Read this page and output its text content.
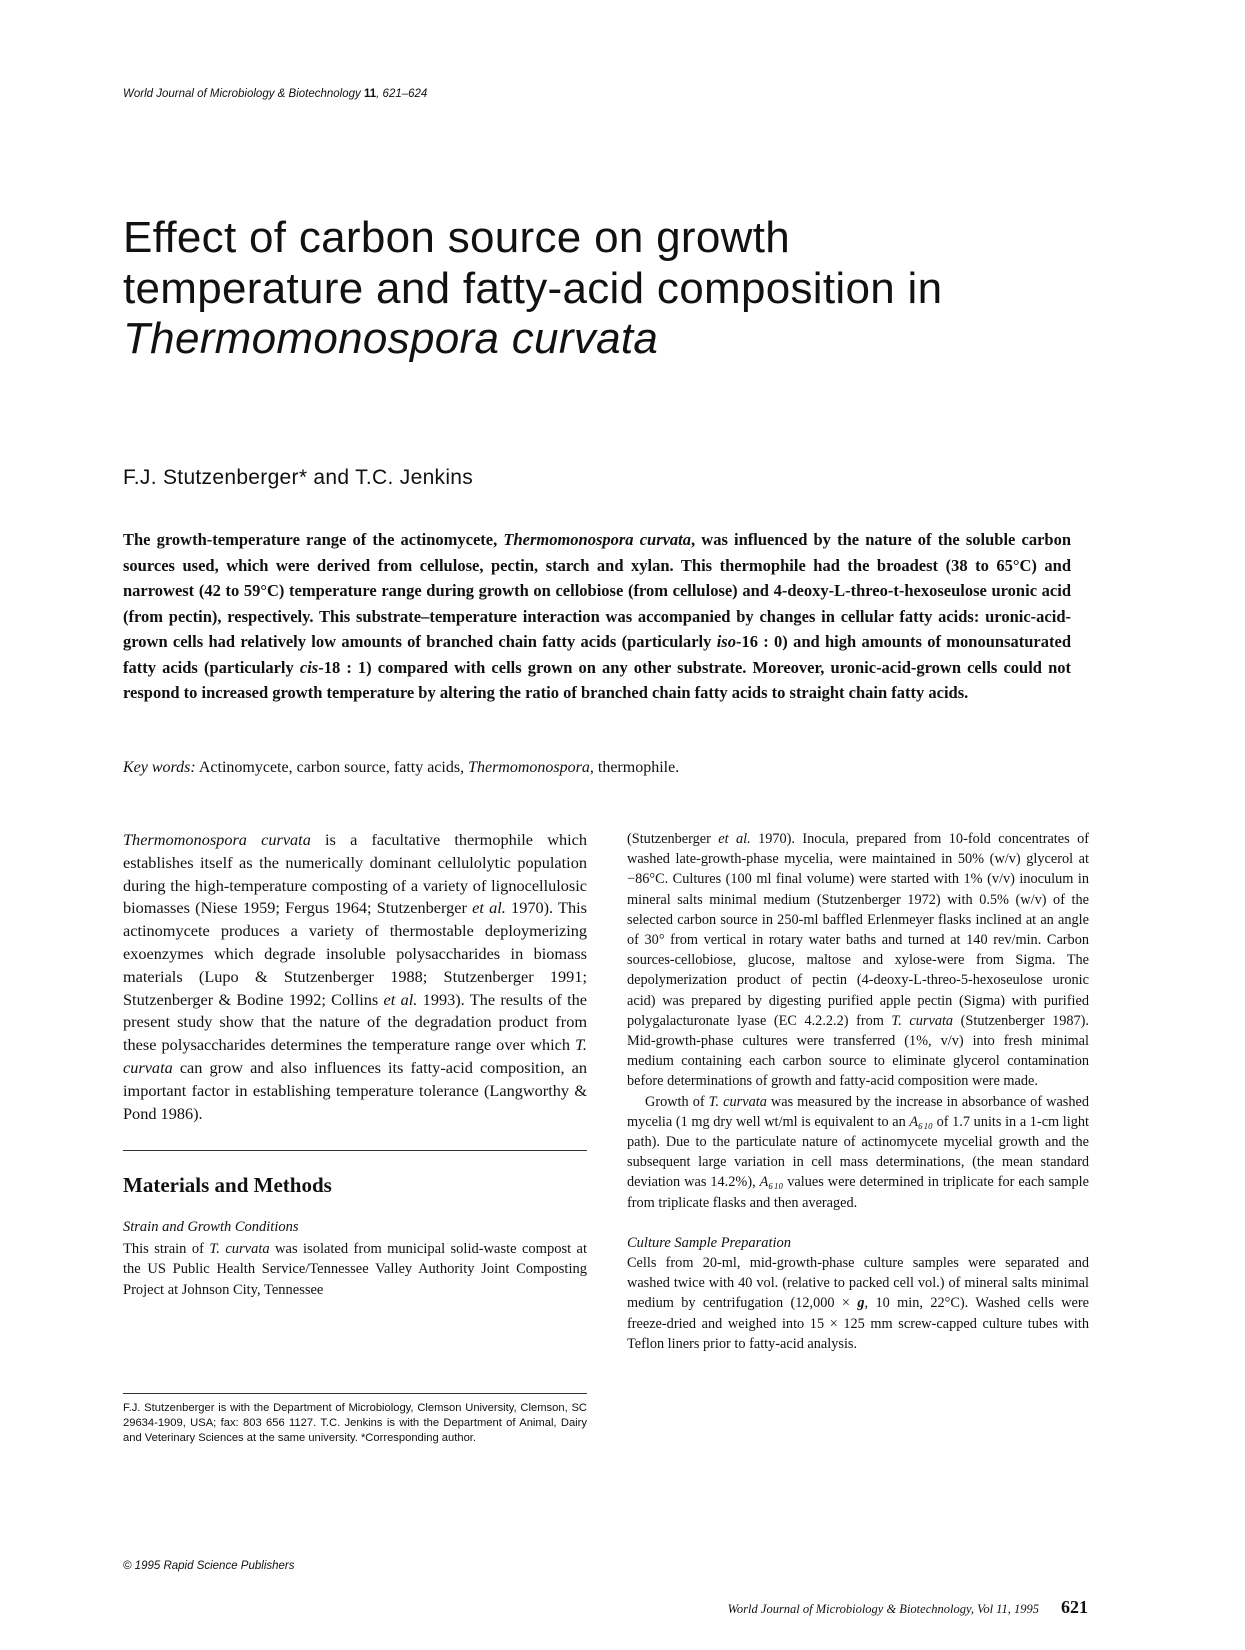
World Journal of Microbiology & Biotechnology 11, 621–624
Effect of carbon source on growth
temperature and fatty-acid composition in
Thermomonospora curvata
F.J. Stutzenberger* and T.C. Jenkins

The growth-temperature range of the actinomycete, Thermomonospora curvata, was influenced by the nature of the soluble carbon sources used, which were derived from cellulose, pectin, starch and xylan. This thermophile had the broadest (38 to 65°C) and narrowest (42 to 59°C) temperature range during growth on cellobiose (from cellulose) and 4-deoxy-L-threo-t-hexoseulose uronic acid (from pectin), respectively. This substrate–temperature interaction was accompanied by changes in cellular fatty acids: uronic-acid-grown cells had relatively low amounts of branched chain fatty acids (particularly iso-16 : 0) and high amounts of monounsaturated fatty acids (particularly cis-18 : 1) compared with cells grown on any other substrate. Moreover, uronic-acid-grown cells could not respond to increased growth temperature by altering the ratio of branched chain fatty acids to straight chain fatty acids.

Key words: Actinomycete, carbon source, fatty acids, Thermomonospora, thermophile.

Thermomonospora curvata is a facultative thermophile which establishes itself as the numerically dominant cellulolytic population during the high-temperature composting of a variety of lignocellulosic biomasses (Niese 1959; Fergus 1964; Stutzenberger et al. 1970). This actinomycete produces a variety of thermostable deploymerizing exoenzymes which degrade insoluble polysaccharides in biomass materials (Lupo & Stutzenberger 1988; Stutzenberger 1991; Stutzenberger & Bodine 1992; Collins et al. 1993). The results of the present study show that the nature of the degradation product from these polysaccharides determines the temperature range over which T. curvata can grow and also influences its fatty-acid composition, an important factor in establishing temperature tolerance (Langworthy & Pond 1986).

Materials and Methods
Strain and Growth Conditions

This strain of T. curvata was isolated from municipal solid-waste compost at the US Public Health Service/Tennessee Valley Authority Joint Composting Project at Johnson City, Tennessee

(Stutzenberger et al. 1970). Inocula, prepared from 10-fold concentrates of washed late-growth-phase mycelia, were maintained in 50% (w/v) glycerol at −86°C. Cultures (100 ml final volume) were started with 1% (v/v) inoculum in mineral salts minimal medium (Stutzenberger 1972) with 0.5% (w/v) of the selected carbon source in 250-ml baffled Erlenmeyer flasks inclined at an angle of 30° from vertical in rotary water baths and turned at 140 rev/min. Carbon sources-cellobiose, glucose, maltose and xylose-were from Sigma. The depolymerization product of pectin (4-deoxy-L-threo-5-hexoseulose uronic acid) was prepared by digesting purified apple pectin (Sigma) with purified polygalacturonate lyase (EC 4.2.2.2) from T. curvata (Stutzenberger 1987). Mid-growth-phase cultures were transferred (1%, v/v) into fresh minimal medium containing each carbon source to eliminate glycerol contamination before determinations of growth and fatty-acid composition were made.

Growth of T. curvata was measured by the increase in absorbance of washed mycelia (1 mg dry well wt/ml is equivalent to an A₆₁₀ of 1.7 units in a 1-cm light path). Due to the particulate nature of actinomycete mycelial growth and the subsequent large variation in cell mass determinations, (the mean standard deviation was 14.2%), A₆₁₀ values were determined in triplicate for each sample from triplicate flasks and then averaged.

Culture Sample Preparation

Cells from 20-ml, mid-growth-phase culture samples were separated and washed twice with 40 vol. (relative to packed cell vol.) of mineral salts minimal medium by centrifugation (12,000 × g, 10 min, 22°C). Washed cells were freeze-dried and weighed into 15 × 125 mm screw-capped culture tubes with Teflon liners prior to fatty-acid analysis.

F.J. Stutzenberger is with the Department of Microbiology, Clemson University, Clemson, SC 29634-1909, USA; fax: 803 656 1127. T.C. Jenkins is with the Department of Animal, Dairy and Veterinary Sciences at the same university. *Corresponding author.
© 1995 Rapid Science Publishers
World Journal of Microbiology & Biotechnology, Vol 11, 1995 621
